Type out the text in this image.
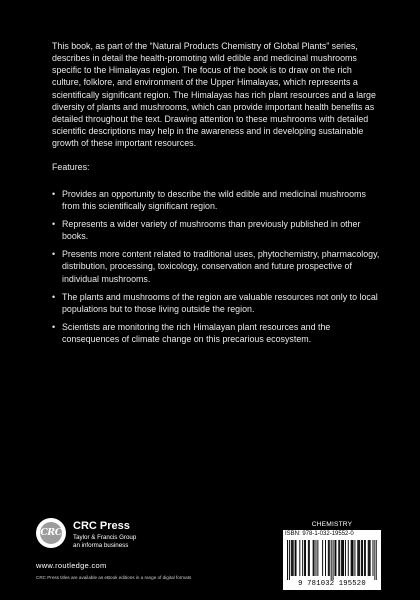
This book, as part of the “Natural Products Chemistry of Global Plants” series, describes in detail the health-promoting wild edible and medicinal mushrooms specific to the Himalayas region. The focus of the book is to draw on the rich culture, folklore, and environment of the Upper Himalayas, which represents a scientifically significant region. The Himalayas has rich plant resources and a large diversity of plants and mushrooms, which can provide important health benefits as detailed throughout the text. Drawing attention to these mushrooms with detailed scientific descriptions may help in the awareness and in developing sustainable growth of these important resources.

Features:

• Provides an opportunity to describe the wild edible and medicinal mushrooms from this scientifically significant region.
• Represents a wider variety of mushrooms than previously published in other books.
• Presents more content related to traditional uses, phytochemistry, pharmacology, distribution, processing, toxicology, conservation and future prospective of individual mushrooms.
• The plants and mushrooms of the region are valuable resources not only to local populations but to those living outside the region.
• Scientists are monitoring the rich Himalayan plant resources and the consequences of climate change on this precarious ecosystem.
CRC
CRC Press
Taylor & Francis Group
an informa business
www.routledge.com
CRC Press titles are available as eBook editions in a range of digital formats
CHEMISTRY
ISBN: 978-1-032-19552-0
9 781032 195520
